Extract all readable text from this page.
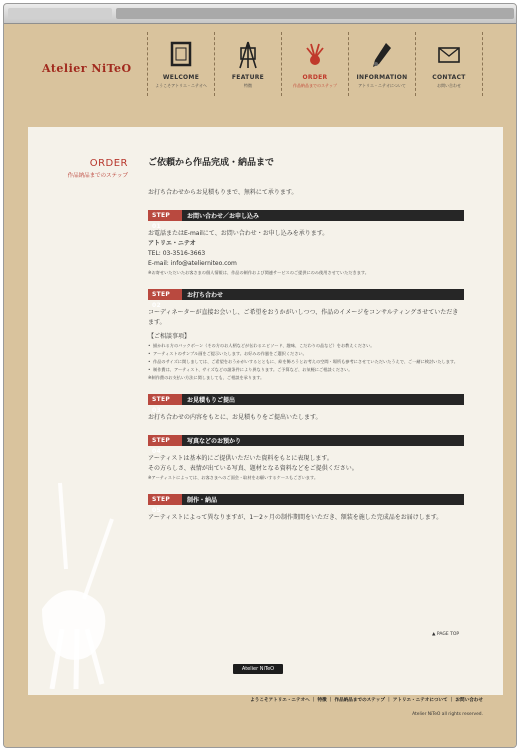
Atelier NiTeO
WELCOME
ようこそアトリエ・ニテオへ
FEATURE
特徴
ORDER
作品納品までのステップ
INFORMATION
アトリエ・ニテオについて
CONTACT
お問い合わせ
ORDER
作品納品までのステップ
ご依頼から作品完成・納品まで
お打ち合わせからお見積もりまで、無料にて承ります。
STEP 01
お問い合わせ／お申し込み
お電話またはE-mailにて、お問い合わせ・お申し込みを承ります。
アトリエ・ニテオ
TEL: 03-3516-3663
E-mail: info@atelierniteo.com
※お寄せいただいたお客さまの個人情報は、作品の制作および関連サービスのご提供にのみ使用させていただきます。
STEP 02
お打ち合わせ
コーディネーターが直接お会いし、ご希望をおうかがいしつつ、作品のイメージをコンサルティングさせていただきます。
【ご相談事項】
• 描かれる方のバックボーン（その方のお人柄などが伝わるエピソード、趣味、こだわりの品など）をお教えください。
• アーティストのサンプル画をご提示いたします。お好みの作風をご選択ください。
• 作品のサイズに関しましては、ご希望をおうかがいするとともに、絵を飾ろうとお考えの空間・場所も参考にさせていただいたうえで、ご一緒に検討いたします。
• 制作費は、アーティスト、サイズなどの諸条件により異なります。ご予算など、お気軽にご相談ください。
※制作費のお支払い方法に関しましても、ご相談を承ります。
STEP 03
お見積もりご提出
お打ち合わせの内容をもとに、お見積もりをご提出いたします。
STEP 04
写真などのお預かり
アーティストは基本的にご提供いただいた資料をもとに表現します。
その方らしさ、表情が出ている写真、題材となる資料などをご提供ください。
※アーティストによっては、お客さまへのご面会・取材をお願いするケースもございます。
STEP 05
制作・納品
アーティストによって異なりますが、1〜2ヶ月の制作期間をいただき、額装を施した完成品をお届けします。
▲ PAGE TOP
Atelier NiTeO
ようこそアトリエ・ニテオへ ｜ 特徴 ｜ 作品納品までのステップ ｜ アトリエ・ニテオについて ｜ お問い合わせ
Atelier NiTeO all rights reserved.
